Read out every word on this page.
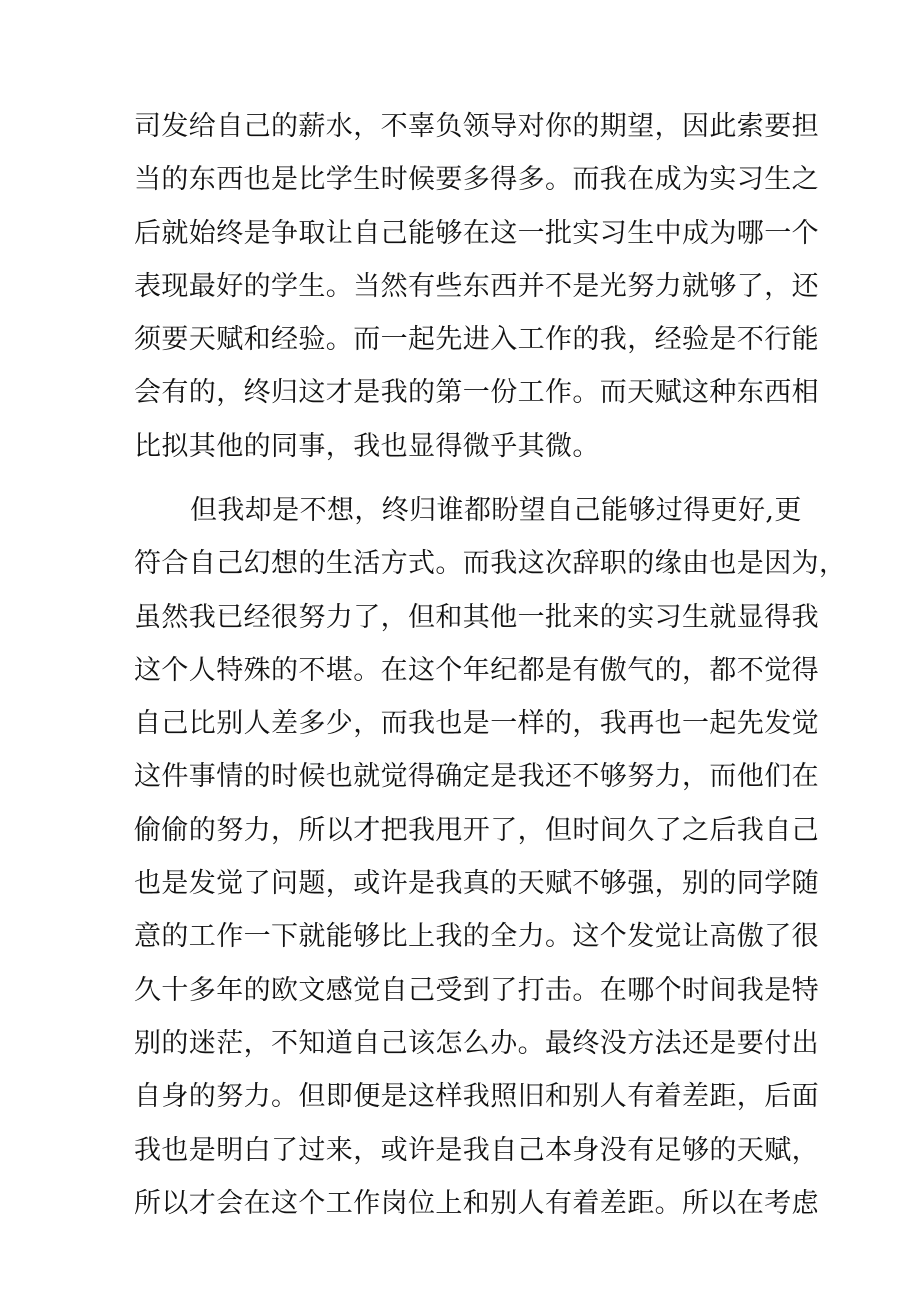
司发给自己的薪水，不辜负领导对你的期望，因此索要担
当的东西也是比学生时候要多得多。而我在成为实习生之
后就始终是争取让自己能够在这一批实习生中成为哪一个
表现最好的学生。当然有些东西并不是光努力就够了，还
须要天赋和经验。而一起先进入工作的我，经验是不行能
会有的，终归这才是我的第一份工作。而天赋这种东西相
比拟其他的同事，我也显得微乎其微。
但我却是不想，终归谁都盼望自己能够过得更好,更
符合自己幻想的生活方式。而我这次辞职的缘由也是因为，
虽然我已经很努力了，但和其他一批来的实习生就显得我
这个人特殊的不堪。在这个年纪都是有傲气的，都不觉得
自己比别人差多少，而我也是一样的，我再也一起先发觉
这件事情的时候也就觉得确定是我还不够努力，而他们在
偷偷的努力，所以才把我甩开了，但时间久了之后我自己
也是发觉了问题，或许是我真的天赋不够强，别的同学随
意的工作一下就能够比上我的全力。这个发觉让高傲了很
久十多年的欧文感觉自己受到了打击。在哪个时间我是特
别的迷茫，不知道自己该怎么办。最终没方法还是要付出
自身的努力。但即便是这样我照旧和别人有着差距，后面
我也是明白了过来，或许是我自己本身没有足够的天赋，
所以才会在这个工作岗位上和别人有着差距。所以在考虑
